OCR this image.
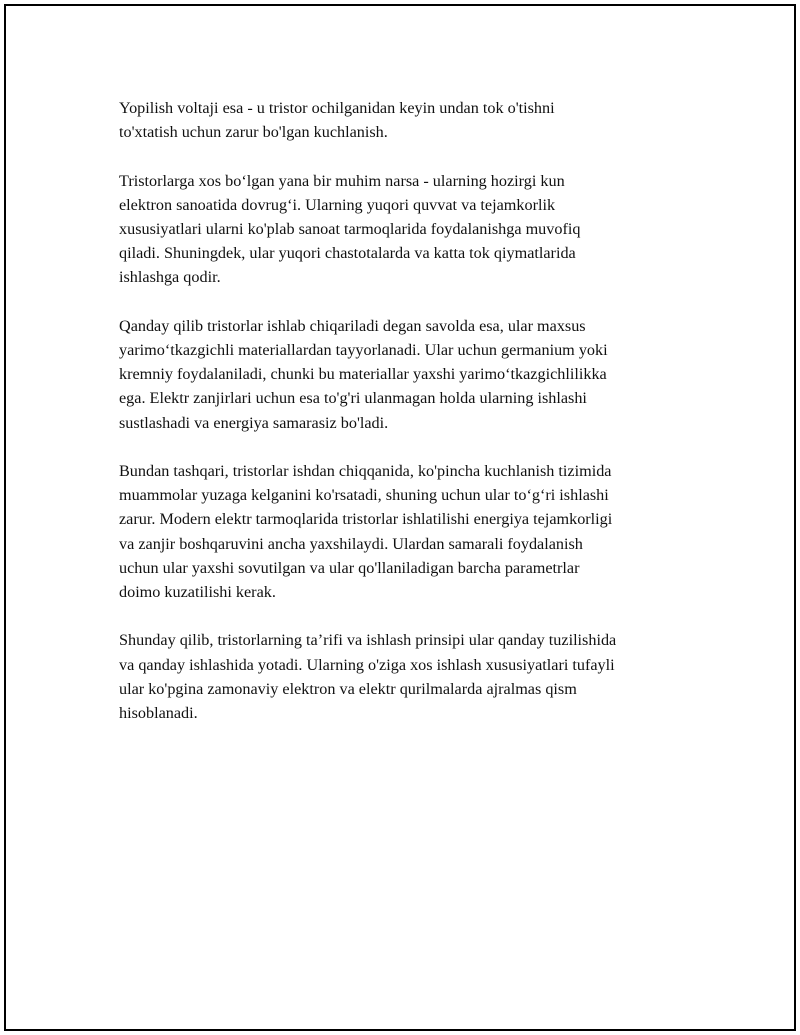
Yopilish voltaji esa - u tristor ochilganidan keyin undan tok o'tishni
to'xtatish uchun zarur bo'lgan kuchlanish.

Tristorlarga xos bo‘lgan yana bir muhim narsa - ularning hozirgi kun
elektron sanoatida dovrug‘i. Ularning yuqori quvvat va tejamkorlik
xususiyatlari ularni ko'plab sanoat tarmoqlarida foydalanishga muvofiq
qiladi. Shuningdek, ular yuqori chastotalarda va katta tok qiymatlarida
ishlashga qodir.

Qanday qilib tristorlar ishlab chiqariladi degan savolda esa, ular maxsus
yarimo‘tkazgichli materiallardan tayyorlanadi. Ular uchun germanium yoki
kremniy foydalaniladi, chunki bu materiallar yaxshi yarimo‘tkazgichlilikka
ega. Elektr zanjirlari uchun esa to'g'ri ulanmagan holda ularning ishlashi
sustlashadi va energiya samarasiz bo'ladi.

Bundan tashqari, tristorlar ishdan chiqqanida, ko'pincha kuchlanish tizimida
muammolar yuzaga kelganini ko'rsatadi, shuning uchun ular to‘g‘ri ishlashi
zarur. Modern elektr tarmoqlarida tristorlar ishlatilishi energiya tejamkorligi
va zanjir boshqaruvini ancha yaxshilaydi. Ulardan samarali foydalanish
uchun ular yaxshi sovutilgan va ular qo'llaniladigan barcha parametrlar
doimo kuzatilishi kerak.

Shunday qilib, tristorlarning ta’rifi va ishlash prinsipi ular qanday tuzilishida
va qanday ishlashida yotadi. Ularning o'ziga xos ishlash xususiyatlari tufayli
ular ko'pgina zamonaviy elektron va elektr qurilmalarda ajralmas qism
hisoblanadi.
